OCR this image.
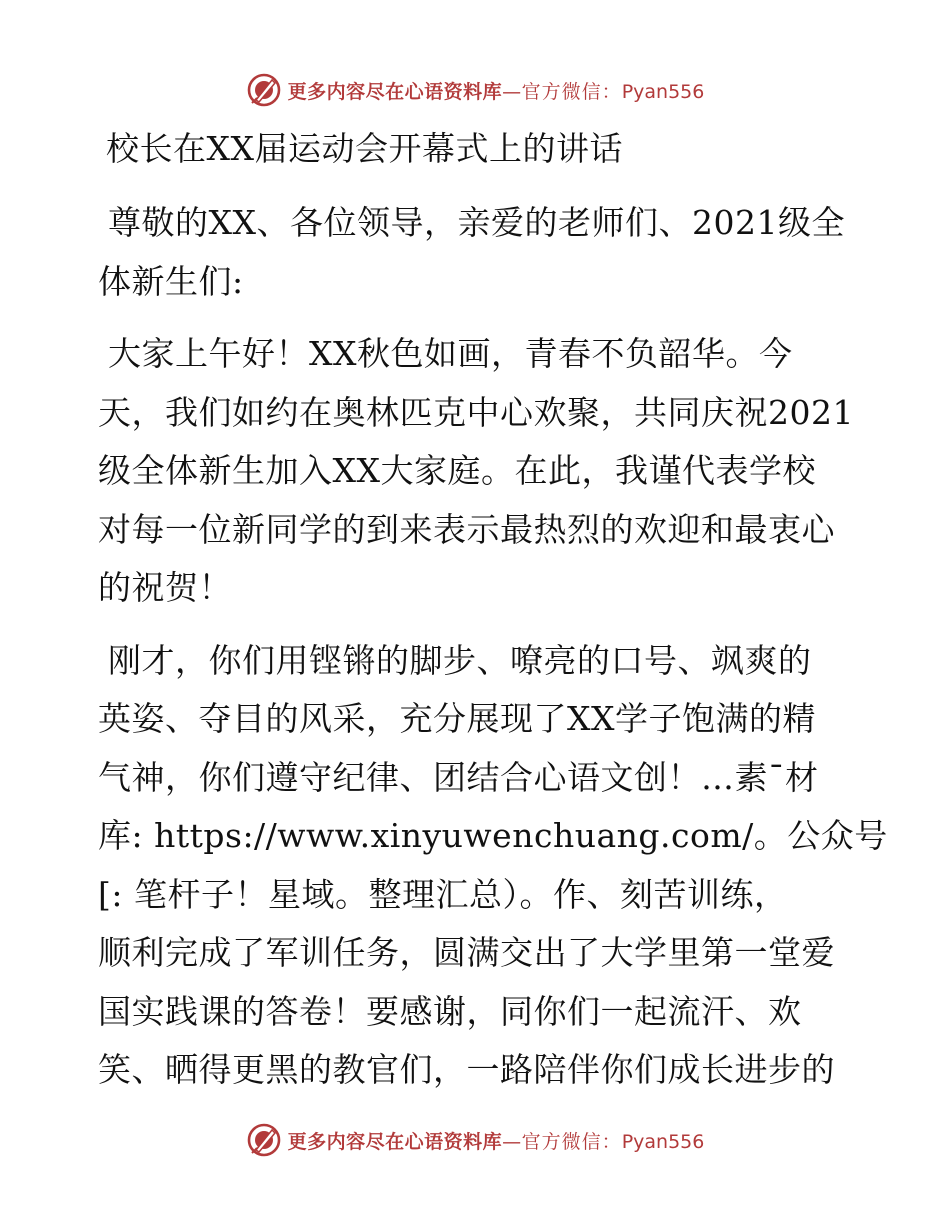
更多内容尽在心语资料库—官方微信：Pyan556
校长在XX届运动会开幕式上的讲话

尊敬的XX、各位领导，亲爱的老师们、2021级全
体新生们:

大家上午好！XX秋色如画，青春不负韶华。今
天，我们如约在奥林匹克中心欢聚，共同庆祝2021
级全体新生加入XX大家庭。在此，我谨代表学校
对每一位新同学的到来表示最热烈的欢迎和最衷心
的祝贺！

刚才，你们用铿锵的脚步、嘹亮的口号、飒爽的
英姿、夺目的风采，充分展现了XX学子饱满的精
气神，你们遵守纪律、团结合心语文创！…素¯材
库: https://www.xinyuwenchuang.com/。公众号
[: 笔杆子！星域。整理汇总）。作、刻苦训练，
顺利完成了军训任务，圆满交出了大学里第一堂爱
国实践课的答卷！要感谢，同你们一起流汗、欢
笑、晒得更黑的教官们，一路陪伴你们成长进步的

更多内容尽在心语资料库—官方微信：Pyan556
